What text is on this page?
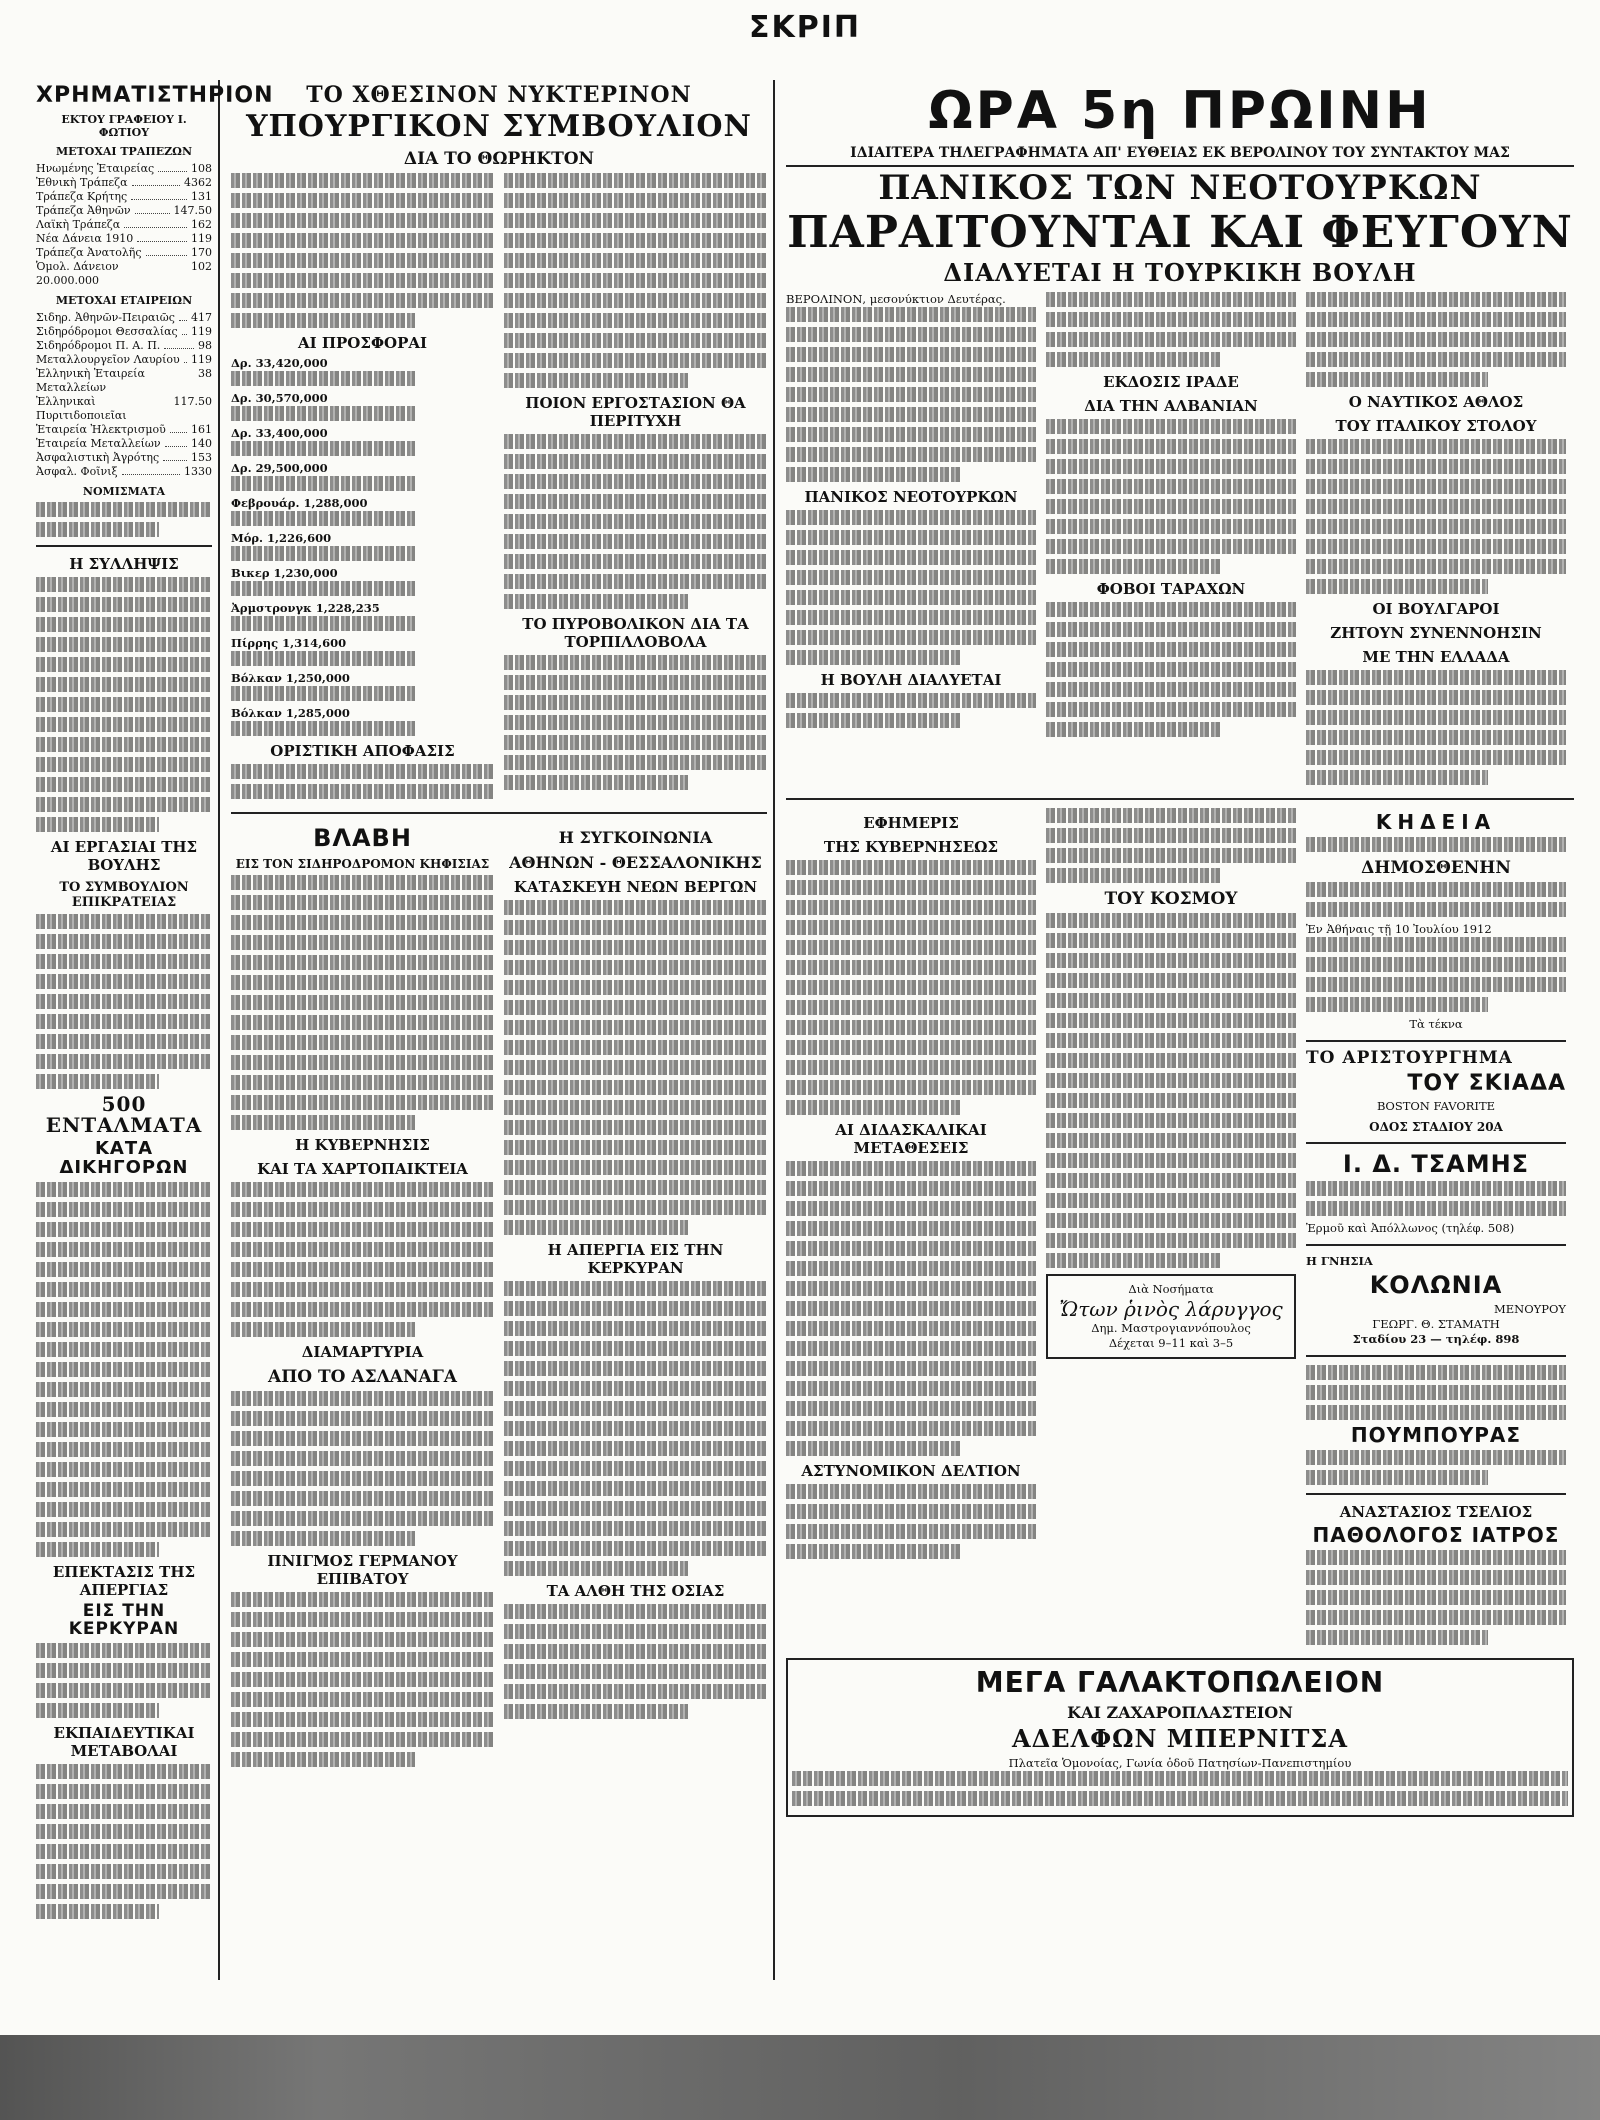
ΣΚΡΙΠ
ΧΡΗΜΑΤΙΣΤΗΡΙΟΝ
ΕΚΤΟΥ ΓΡΑΦΕΙΟΥ Ι. ΦΩΤΙΟΥ
ΜΕΤΟΧΑΙ ΤΡΑΠΕΖΩΝ
Ηνωμένης Ἑταιρείας	108
Ἐθνικὴ Τράπεζα	4362
Τράπεζα Κρήτης	131
Τράπεζα Ἀθηνῶν	147.50
Λαϊκὴ Τράπεζα	162
Νέα Δάνεια 1910	119
Τράπεζα Ἀνατολῆς	170
Ὁμολ. Δάνειον 20.000.000
102
ΜΕΤΟΧΑΙ ΕΤΑΙΡΕΙΩΝ
Σιδηρ. Ἀθηνῶν-Πειραιῶς 417
Σιδηρόδρομοι Θεσσαλίας 119
Σιδηρόδρομοι Π. Α. Π.	98
Μεταλλουργεῖον Λαυρίου 119
Ἐλληνικὴ Ἑταιρεία Μεταλλείων
38
Ἐλληνικαὶ Πυριτιδοποιεῖαι
117.50
Ἑταιρεία Ἠλεκτρισμοῦ 161
Ἑταιρεία Μεταλλείων	140
Ἀσφαλιστικὴ Ἀγρότης	153
Ἀσφαλ. Φοῖνιξ	1330
ΝΟΜΙΣΜΑΤΑ
Η ΣΥΛΛΗΨΙΣ
ΑΙ ΕΡΓΑΣΙΑΙ ΤΗΣ ΒΟΥΛΗΣ
ΤΟ ΣΥΜΒΟΥΛΙΟΝ ΕΠΙΚΡΑΤΕΙΑΣ
500 ΕΝΤΑΛΜΑΤΑ
ΚΑΤΑ ΔΙΚΗΓΟΡΩΝ
ΕΠΕΚΤΑΣΙΣ ΤΗΣ ΑΠΕΡΓΙΑΣ
ΕΙΣ ΤΗΝ ΚΕΡΚΥΡΑΝ
ΕΚΠΑΙΔΕΥΤΙΚΑΙ ΜΕΤΑΒΟΛΑΙ
ΤΟ ΧΘΕΣΙΝΟΝ ΝΥΚΤΕΡΙΝΟΝ
ΥΠΟΥΡΓΙΚΟΝ ΣΥΜΒΟΥΛΙΟΝ
ΔΙΑ ΤΟ ΘΩΡΗΚΤΟΝ
ΑΙ ΠΡΟΣΦΟΡΑΙ
Δρ. 33,420,000
Δρ. 30,570,000
Δρ. 33,400,000
Δρ. 29,500,000
Φεβρουάρ. 1,288,000
Μόρ. 1,226,600
Βικερ 1,230,000
Ἀρμστρονγκ 1,228,235
Πίρρης 1,314,600
Βόλκαν 1,250,000
Βόλκαν 1,285,000
ΟΡΙΣΤΙΚΗ ΑΠΟΦΑΣΙΣ
ΠΟΙΟΝ ΕΡΓΟΣΤΑΣΙΟΝ ΘΑ ΠΕΡΙΤΥΧΗ
ΤΟ ΠΥΡΟΒΟΛΙΚΟΝ ΔΙΑ ΤΑ ΤΟΡΠΙΛΛΟΒΟΛΑ
ΒΛΑΒΗ
ΕΙΣ ΤΟΝ ΣΙΔΗΡΟΔΡΟΜΟΝ ΚΗΦΙΣΙΑΣ
Η ΚΥΒΕΡΝΗΣΙΣ
ΚΑΙ ΤΑ ΧΑΡΤΟΠΑΙΚΤΕΙΑ
ΔΙΑΜΑΡΤΥΡΙΑ
ΑΠΟ ΤΟ ΑΣΛΑΝΑΓΑ
ΠΝΙΓΜΟΣ ΓΕΡΜΑΝΟΥ ΕΠΙΒΑΤΟΥ
Η ΣΥΓΚΟΙΝΩΝΙΑ
ΑΘΗΝΩΝ - ΘΕΣΣΑΛΟΝΙΚΗΣ
ΚΑΤΑΣΚΕΥΗ ΝΕΩΝ ΒΕΡΓΩΝ
Η ΑΠΕΡΓΙΑ ΕΙΣ ΤΗΝ ΚΕΡΚΥΡΑΝ
ΤΑ ΑΛΘΗ ΤΗΣ ΟΣΙΑΣ
ΩΡΑ 5η ΠΡΩΙΝΗ
ΙΔΙΑΙΤΕΡΑ ΤΗΛΕΓΡΑΦΗΜΑΤΑ ΑΠ' ΕΥΘΕΙΑΣ ΕΚ ΒΕΡΟΛΙΝΟΥ ΤΟΥ ΣΥΝΤΑΚΤΟΥ ΜΑΣ
ΠΑΝΙΚΟΣ ΤΩΝ ΝΕΟΤΟΥΡΚΩΝ
ΠΑΡΑΙΤΟΥΝΤΑΙ ΚΑΙ ΦΕΥΓΟΥΝ
ΔΙΑΛΥΕΤΑΙ Η ΤΟΥΡΚΙΚΗ ΒΟΥΛΗ
ΒΕΡΟΛΙΝΟΝ, μεσονύκτιον Δευτέρας.
ΠΑΝΙΚΟΣ ΝΕΟΤΟΥΡΚΩΝ
Η ΒΟΥΛΗ ΔΙΑΛΥΕΤΑΙ
ΕΚΔΟΣΙΣ ΙΡΑΔΕ
ΔΙΑ ΤΗΝ ΑΛΒΑΝΙΑΝ
ΦΟΒΟΙ ΤΑΡΑΧΩΝ
Ο ΝΑΥΤΙΚΟΣ ΑΘΛΟΣ
ΤΟΥ ΙΤΑΛΙΚΟΥ ΣΤΟΛΟΥ
ΟΙ ΒΟΥΛΓΑΡΟΙ
ΖΗΤΟΥΝ ΣΥΝΕΝΝΟΗΣΙΝ
ΜΕ ΤΗΝ ΕΛΛΑΔΑ
ΕΦΗΜΕΡΙΣ
ΤΗΣ ΚΥΒΕΡΝΗΣΕΩΣ
ΑΙ ΔΙΔΑΣΚΑΛΙΚΑΙ ΜΕΤΑΘΕΣΕΙΣ
ΑΣΤΥΝΟΜΙΚΟΝ ΔΕΛΤΙΟΝ
ΤΟΥ ΚΟΣΜΟΥ
Διὰ Νοσήματα
Ὤτων ῥινὸς λάρυγγος
Δημ. Μαστρογιαννόπουλος
Δέχεται 9–11 καὶ 3–5
ΚΗΔΕΙΑ
ΔΗΜΟΣΘΕΝΗΝ
Ἐν Ἀθήναις τῇ 10 Ἰουλίου 1912
Τὰ τέκνα
ΤΟ ΑΡΙΣΤΟΥΡΓΗΜΑ
ΤΟΥ ΣΚΙΑΔΑ
ΒOSTON FAVORITE
ΟΔΟΣ ΣΤΑΔΙΟΥ 20Α
Ι. Δ. ΤΣΑΜΗΣ
Ἐρμοῦ καὶ Ἀπόλλωνος (τηλέφ. 508)
Η ΓΝΗΣΙΑ
ΚΟΛΩΝΙΑ
ΜΕΝΟΥΡΟΥ
ΓΕΩΡΓ. Θ. ΣΤΑΜΑΤΗ
Σταδίου 23 — τηλέφ. 898
ΠΟΥΜΠΟΥΡΑΣ
ΑΝΑΣΤΑΣΙΟΣ ΤΣΕΛΙΟΣ
ΠΑΘΟΛΟΓΟΣ ΙΑΤΡΟΣ
ΜΕΓΑ ΓΑΛΑΚΤΟΠΩΛΕΙΟΝ
ΚΑΙ ΖΑΧΑΡΟΠΛΑΣΤΕΙΟΝ
ΑΔΕΛΦΩΝ ΜΠΕΡΝΙΤΣΑ
Πλατεῖα Ὁμονοίας, Γωνία ὁδοῦ Πατησίων-Πανεπιστημίου
